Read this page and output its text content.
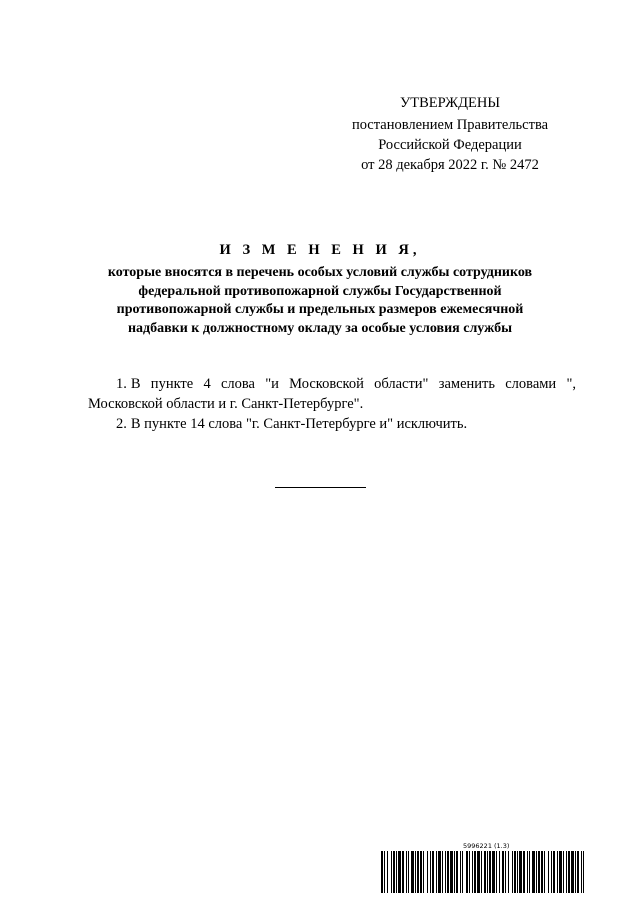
УТВЕРЖДЕНЫ
постановлением Правительства
Российской Федерации
от 28 декабря 2022 г. № 2472
И З М Е Н Е Н И Я,
которые вносятся в перечень особых условий службы сотрудников
федеральной противопожарной службы Государственной
противопожарной службы и предельных размеров ежемесячной
надбавки к должностному окладу за особые условия службы

1. В пункте 4 слова "и Московской области" заменить словами ", Московской области и г. Санкт-Петербурге".

2. В пункте 14 слова "г. Санкт-Петербурге и" исключить.

5996221 (1.3)
